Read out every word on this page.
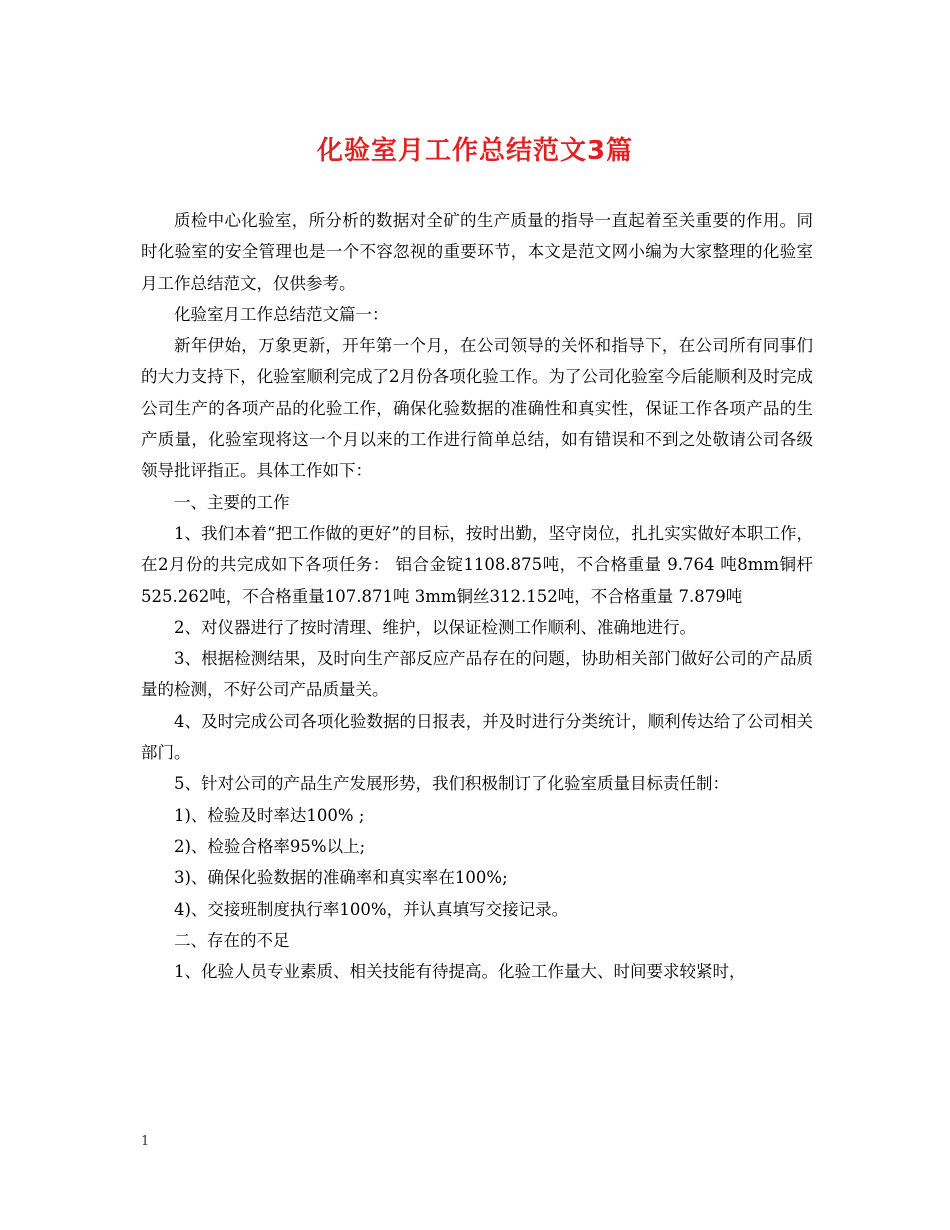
化验室月工作总结范文3篇

质检中心化验室，所分析的数据对全矿的生产质量的指导一直起着至关重要的作用。同时化验室的安全管理也是一个不容忽视的重要环节，本文是范文网小编为大家整理的化验室月工作总结范文，仅供参考。

化验室月工作总结范文篇一：

新年伊始，万象更新，开年第一个月，在公司领导的关怀和指导下，在公司所有同事们的大力支持下，化验室顺利完成了2月份各项化验工作。为了公司化验室今后能顺利及时完成公司生产的各项产品的化验工作，确保化验数据的准确性和真实性，保证工作各项产品的生产质量，化验室现将这一个月以来的工作进行简单总结，如有错误和不到之处敬请公司各级领导批评指正。具体工作如下：

一、主要的工作

1、我们本着“把工作做的更好”的目标，按时出勤，坚守岗位，扎扎实实做好本职工作，在2月份的共完成如下各项任务： 铝合金锭1108.875吨，不合格重量 9.764 吨8mm铜杆525.262吨，不合格重量107.871吨 3mm铜丝312.152吨，不合格重量 7.879吨

2、对仪器进行了按时清理、维护，以保证检测工作顺利、准确地进行。

3、根据检测结果，及时向生产部反应产品存在的问题，协助相关部门做好公司的产品质量的检测，不好公司产品质量关。

4、及时完成公司各项化验数据的日报表，并及时进行分类统计，顺利传达给了公司相关部门。

5、针对公司的产品生产发展形势，我们积极制订了化验室质量目标责任制：

1)、检验及时率达100% ;

2)、检验合格率95%以上;

3)、确保化验数据的准确率和真实率在100%;

4)、交接班制度执行率100%，并认真填写交接记录。

二、存在的不足

1、化验人员专业素质、相关技能有待提高。化验工作量大、时间要求较紧时，

1
